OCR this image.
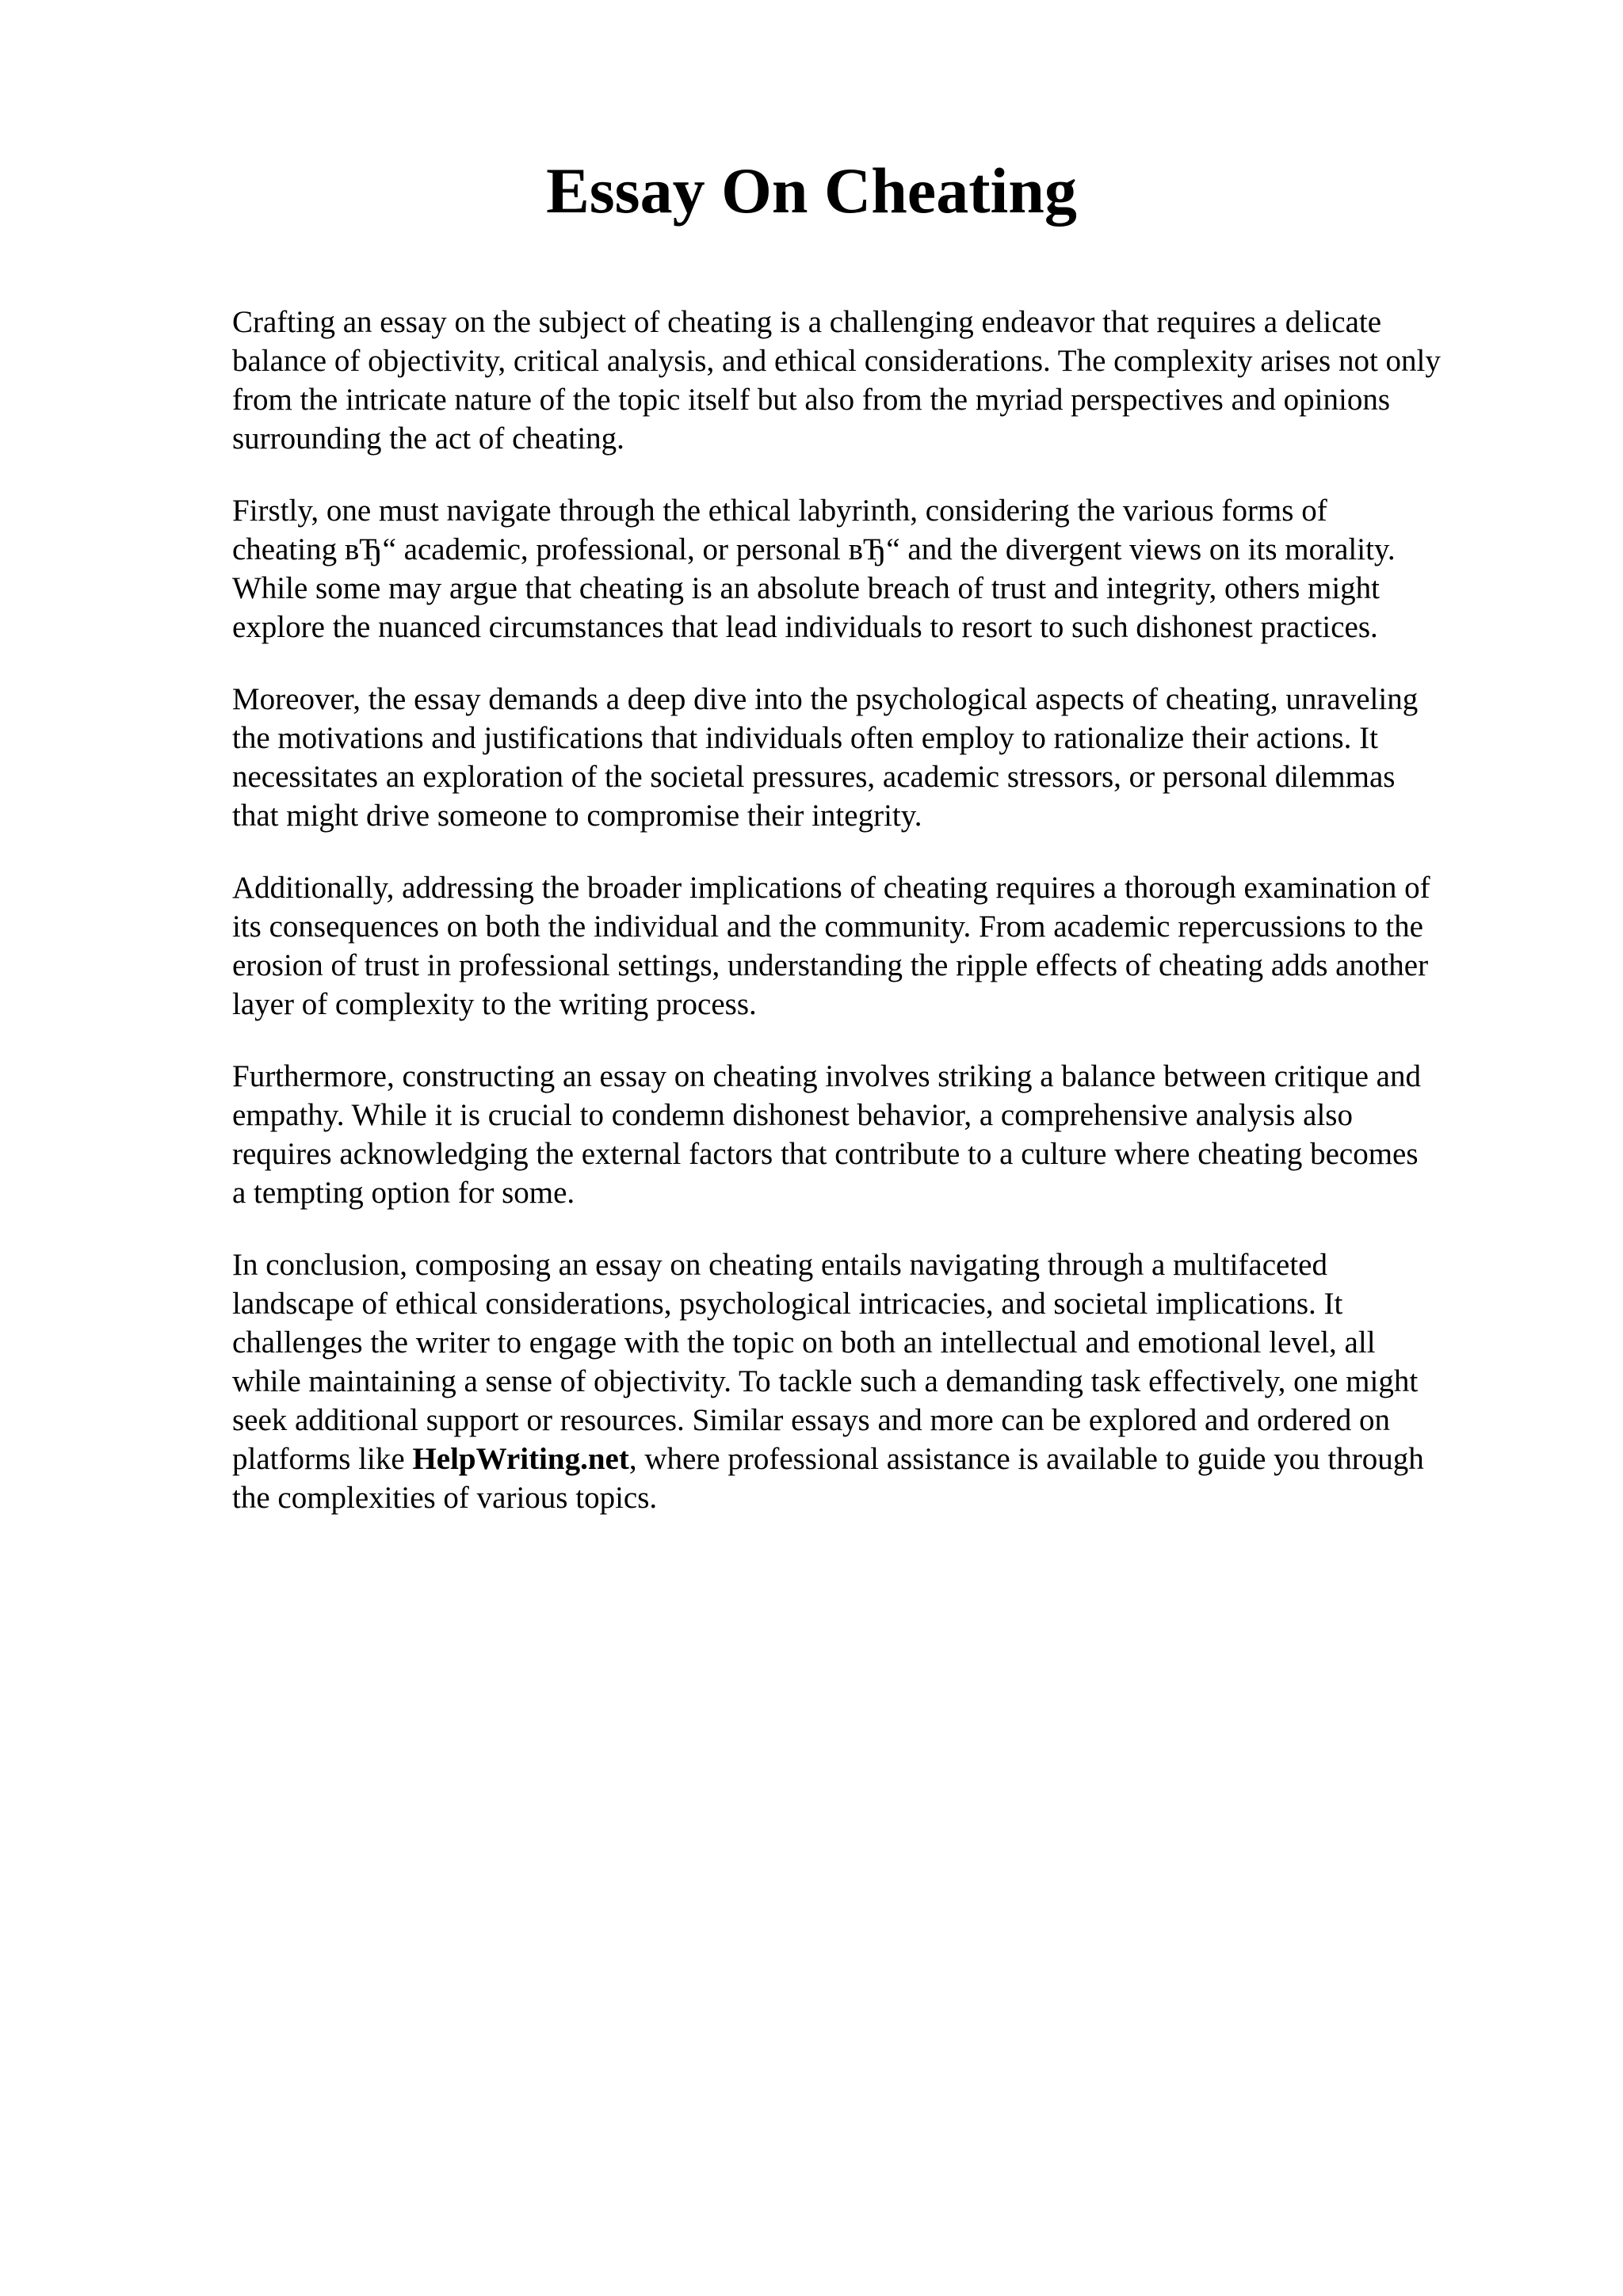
Essay On Cheating

Crafting an essay on the subject of cheating is a challenging endeavor that requires a delicate
balance of objectivity, critical analysis, and ethical considerations. The complexity arises not only
from the intricate nature of the topic itself but also from the myriad perspectives and opinions
surrounding the act of cheating.

Firstly, one must navigate through the ethical labyrinth, considering the various forms of
cheating вЂ“ academic, professional, or personal вЂ“ and the divergent views on its morality.
While some may argue that cheating is an absolute breach of trust and integrity, others might
explore the nuanced circumstances that lead individuals to resort to such dishonest practices.

Moreover, the essay demands a deep dive into the psychological aspects of cheating, unraveling
the motivations and justifications that individuals often employ to rationalize their actions. It
necessitates an exploration of the societal pressures, academic stressors, or personal dilemmas
that might drive someone to compromise their integrity.

Additionally, addressing the broader implications of cheating requires a thorough examination of
its consequences on both the individual and the community. From academic repercussions to the
erosion of trust in professional settings, understanding the ripple effects of cheating adds another
layer of complexity to the writing process.

Furthermore, constructing an essay on cheating involves striking a balance between critique and
empathy. While it is crucial to condemn dishonest behavior, a comprehensive analysis also
requires acknowledging the external factors that contribute to a culture where cheating becomes
a tempting option for some.

In conclusion, composing an essay on cheating entails navigating through a multifaceted
landscape of ethical considerations, psychological intricacies, and societal implications. It
challenges the writer to engage with the topic on both an intellectual and emotional level, all
while maintaining a sense of objectivity. To tackle such a demanding task effectively, one might
seek additional support or resources. Similar essays and more can be explored and ordered on
platforms like HelpWriting.net, where professional assistance is available to guide you through
the complexities of various topics.
